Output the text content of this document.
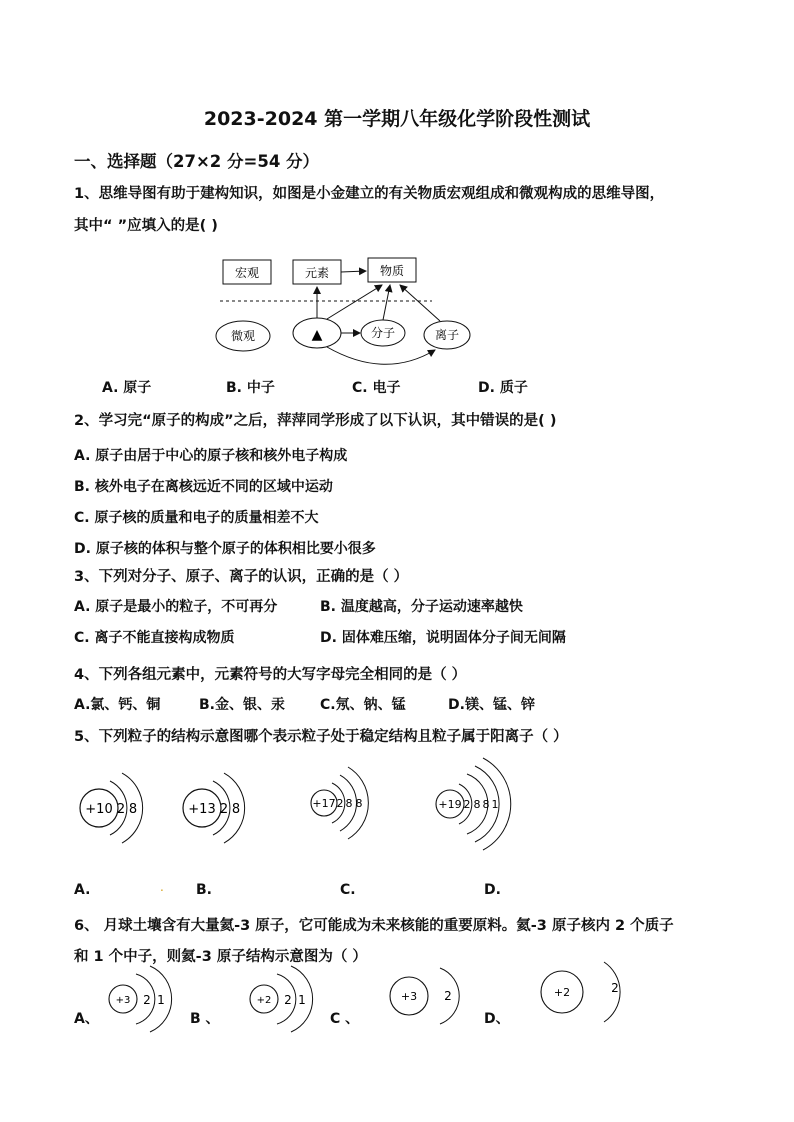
2023-2024 第一学期八年级化学阶段性测试
一、选择题（27×2 分=54 分）
1、思维导图有助于建构知识，如图是小金建立的有关物质宏观组成和微观构成的思维导图，
其中“ ”应填入的是( )
宏观	元素	物质
微观	▲	分子	离子
A. 原子	B. 中子	C. 电子	D. 质子
2、学习完“原子的构成”之后，萍萍同学形成了以下认识，其中错误的是( )
A. 原子由居于中心的原子核和核外电子构成
B. 核外电子在离核远近不同的区域中运动
C. 原子核的质量和电子的质量相差不大
D. 原子核的体积与整个原子的体积相比要小很多
3、下列对分子、原子、离子的认识，正确的是（ ）
A. 原子是最小的粒子，不可再分	B. 温度越高，分子运动速率越快
C. 离子不能直接构成物质	D. 固体难压缩，说明固体分子间无间隔
4、下列各组元素中，元素符号的大写字母完全相同的是（ ）
A.氯、钙、铜	B.金、银、汞	C.氖、钠、锰	D.镁、锰、锌
5、下列粒子的结构示意图哪个表示粒子处于稳定结构且粒子属于阳离子（ ）
+10 2 8	+13 2 8	+17 2 8 8	+19 2 8 8 1
A.	. B.	C.	D.
6、 月球土壤含有大量氦-3 原子，它可能成为未来核能的重要原料。氦-3 原子核内 2 个质子
和 1 个中子，则氦-3 原子结构示意图为（ ）
+3 2 1	+2 2 1	+3 2	+2	2
A、	B 、	C 、	D、
